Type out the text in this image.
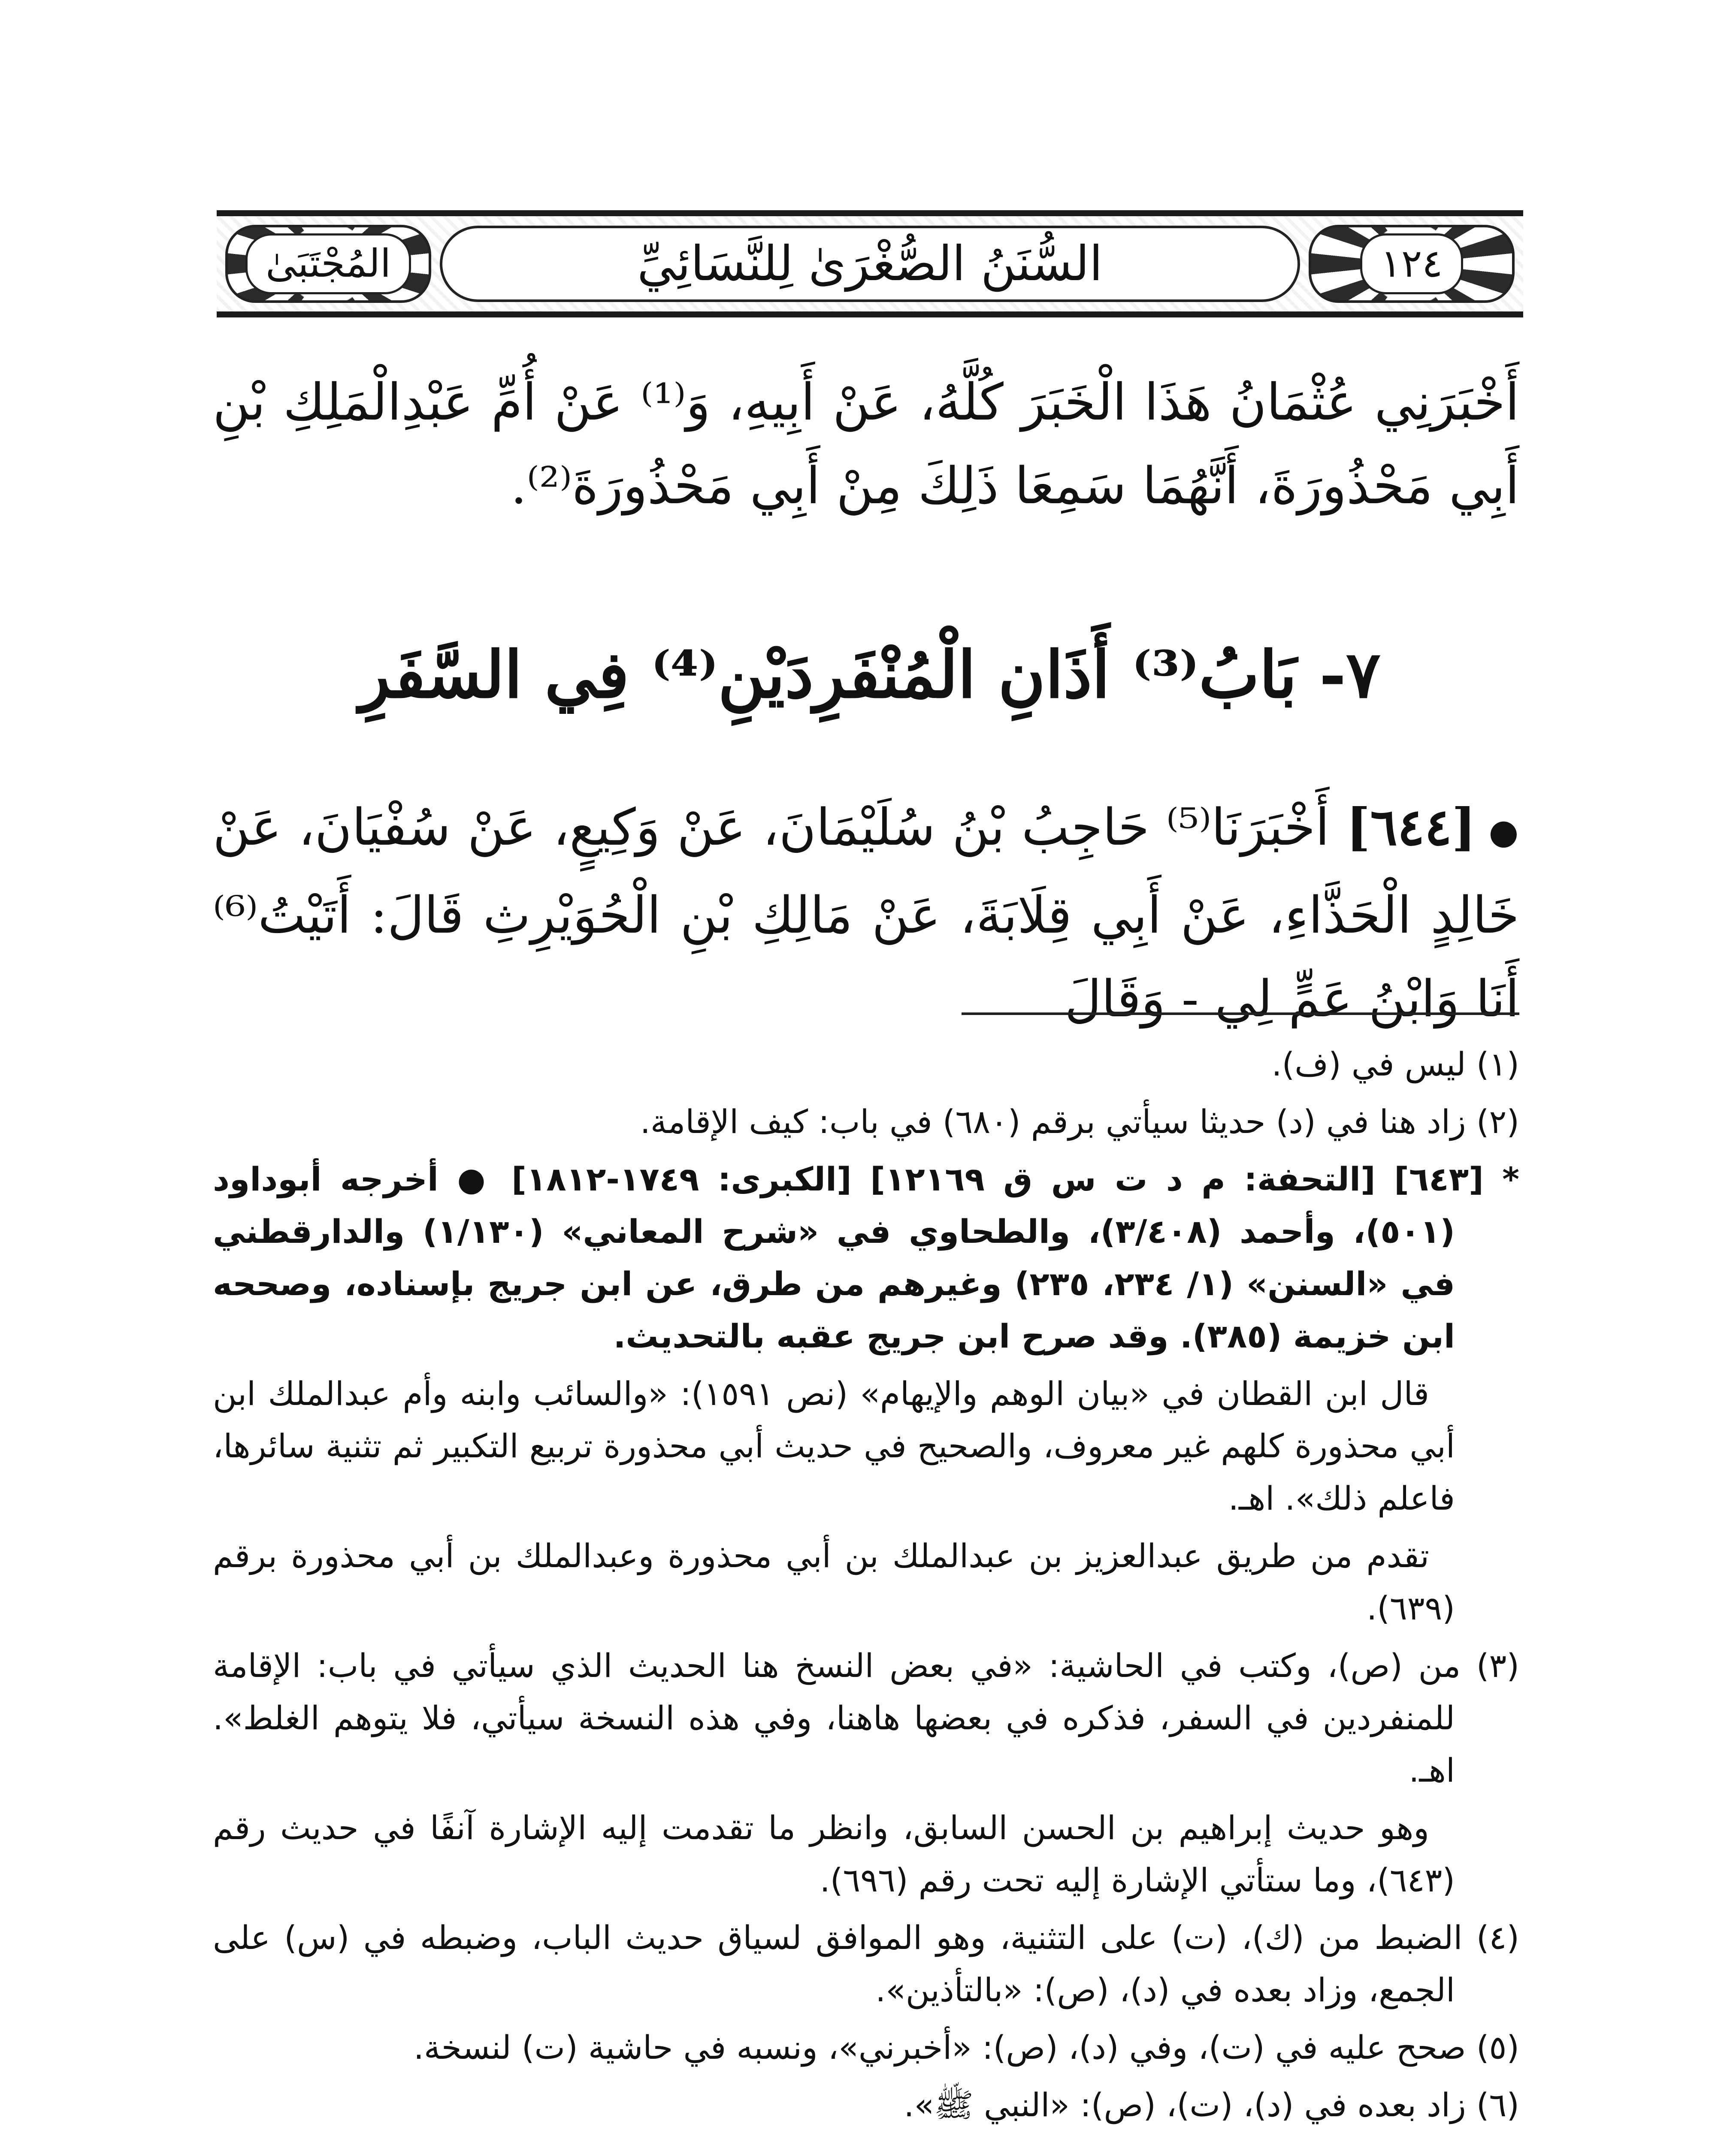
١٢٤
السُّنَنُ الصُّغْرَىٰ لِلنَّسَائِيِّ
المُجْتَبَىٰ
أَخْبَرَنِي عُثْمَانُ هَذَا الْخَبَرَ كُلَّهُ، عَنْ أَبِيهِ، وَ⁽¹⁾ عَنْ أُمِّ عَبْدِالْمَلِكِ بْنِ أَبِي مَحْذُورَةَ، أَنَّهُمَا سَمِعَا ذَلِكَ مِنْ أَبِي مَحْذُورَةَ⁽²⁾.
٧- بَابُ⁽³⁾ أَذَانِ الْمُنْفَرِدَيْنِ⁽⁴⁾ فِي السَّفَرِ
●[٦٤٤] أَخْبَرَنَا⁽⁵⁾ حَاجِبُ بْنُ سُلَيْمَانَ، عَنْ وَكِيعٍ، عَنْ سُفْيَانَ، عَنْ خَالِدٍ الْحَذَّاءِ، عَنْ أَبِي قِلَابَةَ، عَنْ مَالِكِ بْنِ الْحُوَيْرِثِ قَالَ: أَتَيْتُ⁽⁶⁾ أَنَا وَابْنُ عَمٍّ لِي - وَقَالَ

(١) ليس في (ف).

(٢) زاد هنا في (د) حديثا سيأتي برقم (٦٨٠) في باب: كيف الإقامة.

* [٦٤٣] [التحفة: م د ت س ق ١٢١٦٩] [الكبرى: ١٧٤٩-١٨١٢] ● أخرجه أبوداود (٥٠١)، وأحمد (٣/٤٠٨)، والطحاوي في «شرح المعاني» (١/١٣٠) والدارقطني في «السنن» (١/ ٢٣٤، ٢٣٥) وغيرهم من طرق، عن ابن جريج بإسناده، وصححه ابن خزيمة (٣٨٥). وقد صرح ابن جريج عقبه بالتحديث.

قال ابن القطان في «بيان الوهم والإيهام» (نص ١٥٩١): «والسائب وابنه وأم عبدالملك ابن أبي محذورة كلهم غير معروف، والصحيح في حديث أبي محذورة تربيع التكبير ثم تثنية سائرها، فاعلم ذلك». اهـ.

تقدم من طريق عبدالعزيز بن عبدالملك بن أبي محذورة وعبدالملك بن أبي محذورة برقم (٦٣٩).

(٣) من (ص)، وكتب في الحاشية: «في بعض النسخ هنا الحديث الذي سيأتي في باب: الإقامة للمنفردين في السفر، فذكره في بعضها هاهنا، وفي هذه النسخة سيأتي، فلا يتوهم الغلط». اهـ.

وهو حديث إبراهيم بن الحسن السابق، وانظر ما تقدمت إليه الإشارة آنفًا في حديث رقم (٦٤٣)، وما ستأتي الإشارة إليه تحت رقم (٦٩٦).

(٤) الضبط من (ك)، (ت) على التثنية، وهو الموافق لسياق حديث الباب، وضبطه في (س) على الجمع، وزاد بعده في (د)، (ص): «بالتأذين».

(٥) صحح عليه في (ت)، وفي (د)، (ص): «أخبرني»، ونسبه في حاشية (ت) لنسخة.

(٦) زاد بعده في (د)، (ت)، (ص): «النبي ﷺ».
